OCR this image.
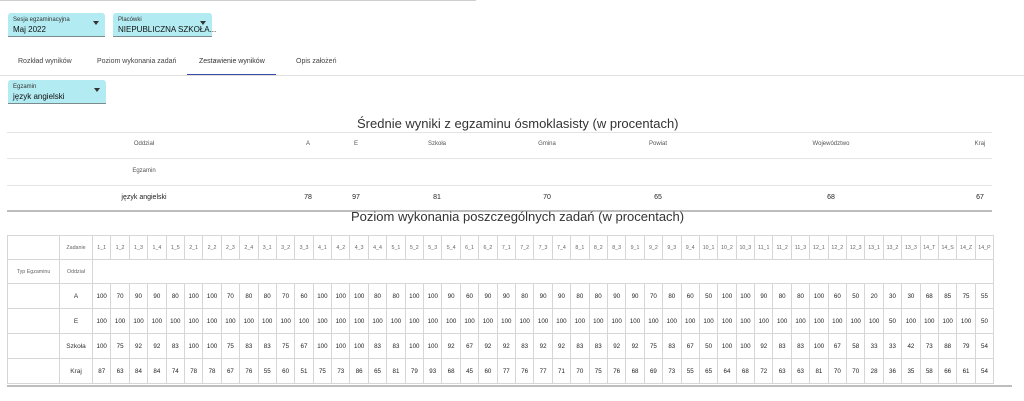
Sesja egzaminacyjna
Maj 2022
Placówki
NIEPUBLICZNA SZKOŁA...
Rozkład wyników	Poziom wykonania zadań	Zestawienie wyników	Opis założeń
Egzamin
język angielski
Średnie wyniki z egzaminu ósmoklasisty (w procentach)
Oddział	A	E	Szkoła	Gmina	Powiat	Województwo	Kraj
Egzamin
język angielski	78	97	81	70	65	68	67
Poziom wykonania poszczególnych zadań (w procentach)
	Zadanie	1_1	1_2	1_3	1_4	1_5	2_1	2_2	2_3	2_4	3_1	3_2	3_3	4_1	4_2	4_3	4_4	5_1	5_2	5_3	5_4	6_1	6_2	7_1	7_2	7_3	7_4	8_1	8_2	8_3	9_1	9_2	9_3	9_4	10_1	10_2	10_3	11_1	11_2	11_3	12_1	12_2	12_3	13_1	13_2	13_3	14_T	14_S	14_Z	14_P
Typ Egzaminu	Oddział																																																	
	A	100	70	90	90	80	100	100	70	80	80	70	60	100	100	100	80	80	100	100	90	60	90	90	80	90	90	80	80	90	90	70	80	60	50	100	100	90	80	80	100	60	50	20	30	30	68	85	75	55
	E	100	100	100	100	100	100	100	100	100	100	100	100	100	100	100	100	100	100	100	100	100	100	100	100	100	100	100	100	100	100	100	100	100	100	100	100	100	100	100	100	100	100	100	50	100	100	100	100	50
	Szkoła	100	75	92	92	83	100	100	75	83	83	75	67	100	100	100	83	83	100	100	92	67	92	92	83	92	92	83	83	92	92	75	83	67	50	100	100	92	83	83	100	67	58	33	33	42	73	88	79	54
	Kraj	87	63	84	84	74	78	78	67	76	55	60	51	75	73	86	65	81	79	93	68	45	60	77	76	77	71	70	75	76	68	69	73	55	65	64	68	72	63	63	81	70	70	28	36	35	58	66	61	54
